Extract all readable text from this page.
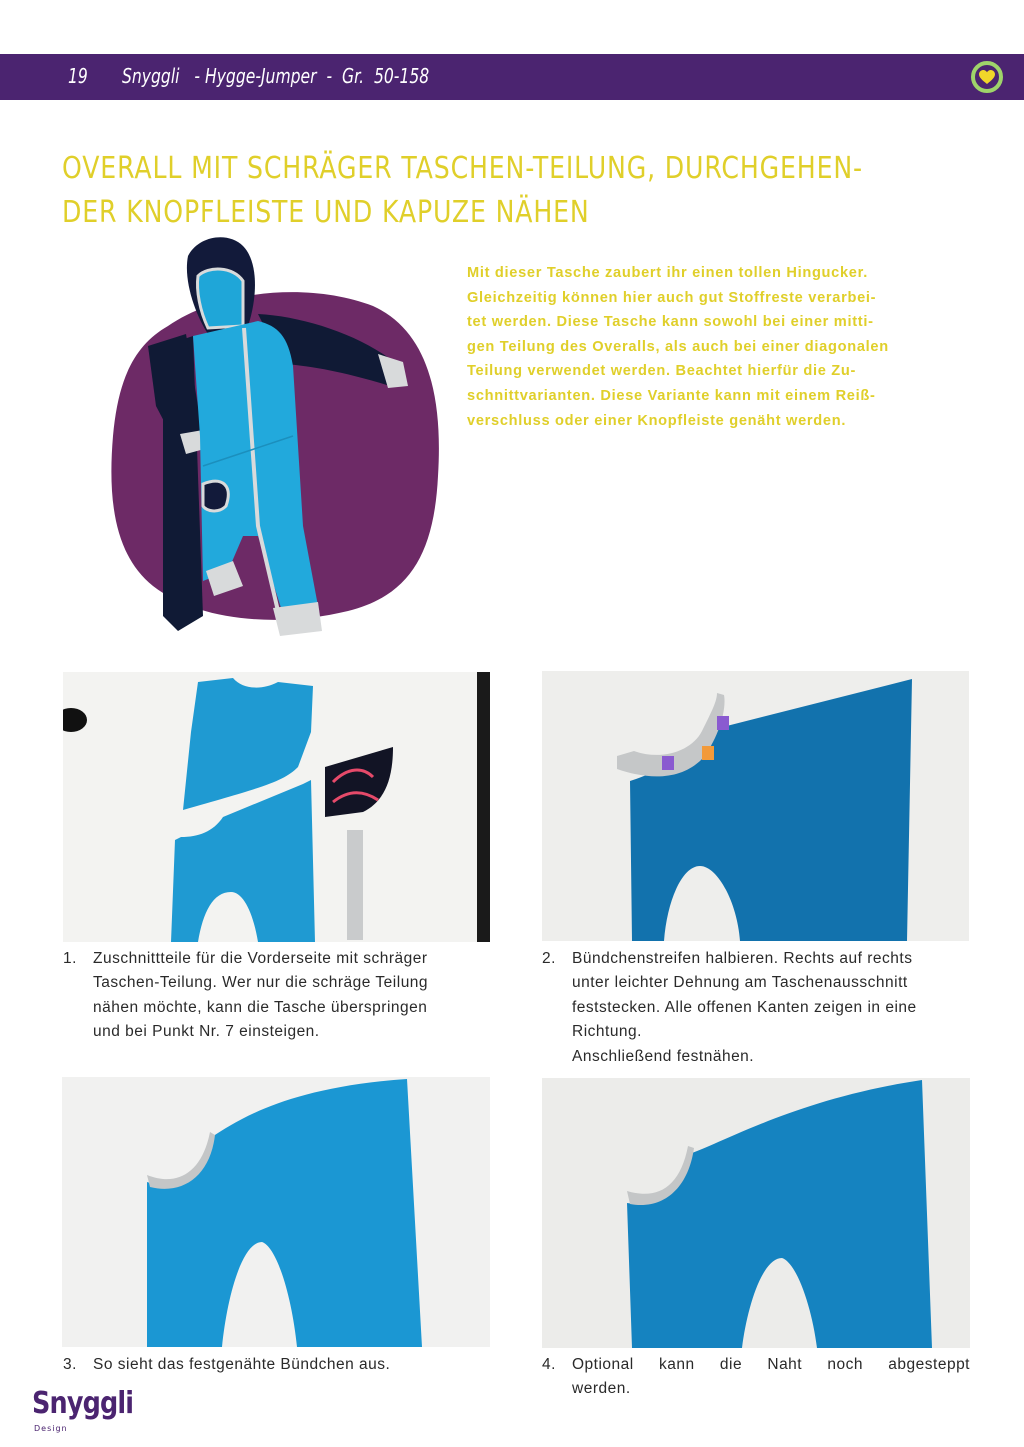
19 Snyggli   - Hygge-Jumper  -  Gr.  50-158
OVERALL MIT SCHRÄGER TASCHEN-TEILUNG, DURCHGEHEN-
DER KNOPFLEISTE UND KAPUZE NÄHEN
Mit dieser Tasche zaubert ihr einen tollen Hingucker.
Gleichzeitig können hier auch gut Stoffreste verarbei-
tet werden. Diese Tasche kann sowohl bei einer mitti-
gen Teilung des Overalls, als auch bei einer diagonalen
Teilung verwendet werden. Beachtet hierfür die Zu-
schnittvarianten. Diese Variante kann mit einem Reiß-
verschluss oder einer Knopfleiste genäht werden.
1.	Zuschnittteile für die Vorderseite mit schräger
Taschen-Teilung. Wer nur die schräge Teilung
nähen möchte, kann die Tasche überspringen
und bei Punkt Nr. 7 einsteigen.
2.	Bündchenstreifen halbieren. Rechts auf rechts
unter leichter Dehnung am Taschenausschnitt
feststecken. Alle offenen Kanten zeigen in eine
Richtung.
Anschließend festnähen.
3.	So sieht das festgenähte Bündchen aus.	4.	Optional kann die Naht noch abgesteppt
werden.
Snyggli
Design
